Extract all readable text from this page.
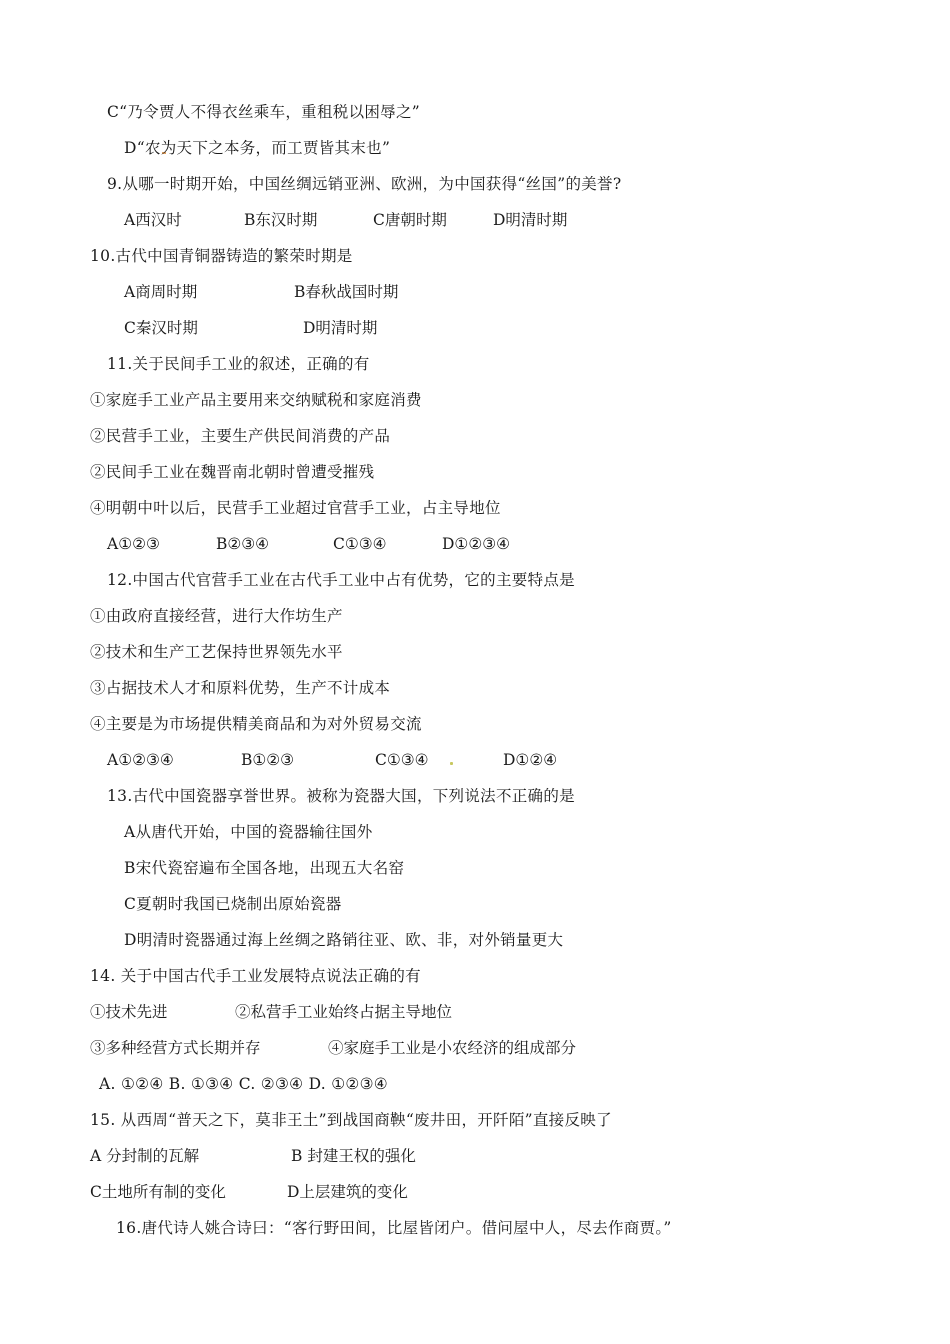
C“乃令贾人不得衣丝乘车，重租税以困辱之”
D“农为天下之本务，而工贾皆其末也”
9.从哪一时期开始，中国丝绸远销亚洲、欧洲，为中国获得“丝国”的美誉?
A西汉时	B东汉时期	C唐朝时期	D明清时期
10.古代中国青铜器铸造的繁荣时期是
A商周时期	B春秋战国时期
C秦汉时期	D明清时期
11.关于民间手工业的叙述，正确的有
①家庭手工业产品主要用来交纳赋税和家庭消费
②民营手工业，主要生产供民间消费的产品
②民间手工业在魏晋南北朝时曾遭受摧残
④明朝中叶以后，民营手工业超过官营手工业，占主导地位
A①②③	B②③④	C①③④	D①②③④
12.中国古代官营手工业在古代手工业中占有优势，它的主要特点是
①由政府直接经营，进行大作坊生产
②技术和生产工艺保持世界领先水平
③占据技术人才和原料优势，生产不计成本
④主要是为市场提供精美商品和为对外贸易交流
A①②③④	B①②③	C①③④	D①②④
13.古代中国瓷器享誉世界。被称为瓷器大国，下列说法不正确的是
A从唐代开始，中国的瓷器输往国外
B宋代瓷窑遍布全国各地，出现五大名窑
C夏朝时我国已烧制出原始瓷器
D明清时瓷器通过海上丝绸之路销往亚、欧、非，对外销量更大
14. 关于中国古代手工业发展特点说法正确的有
①技术先进	②私营手工业始终占据主导地位
③多种经营方式长期并存	④家庭手工业是小农经济的组成部分
A. ①②④ B. ①③④ C. ②③④ D. ①②③④
15. 从西周“普天之下，莫非王土”到战国商鞅“废井田，开阡陌”直接反映了
A 分封制的瓦解	B 封建王权的强化
C土地所有制的变化	D上层建筑的变化
16.唐代诗人姚合诗曰：“客行野田间，比屋皆闭户。借问屋中人，尽去作商贾。”
